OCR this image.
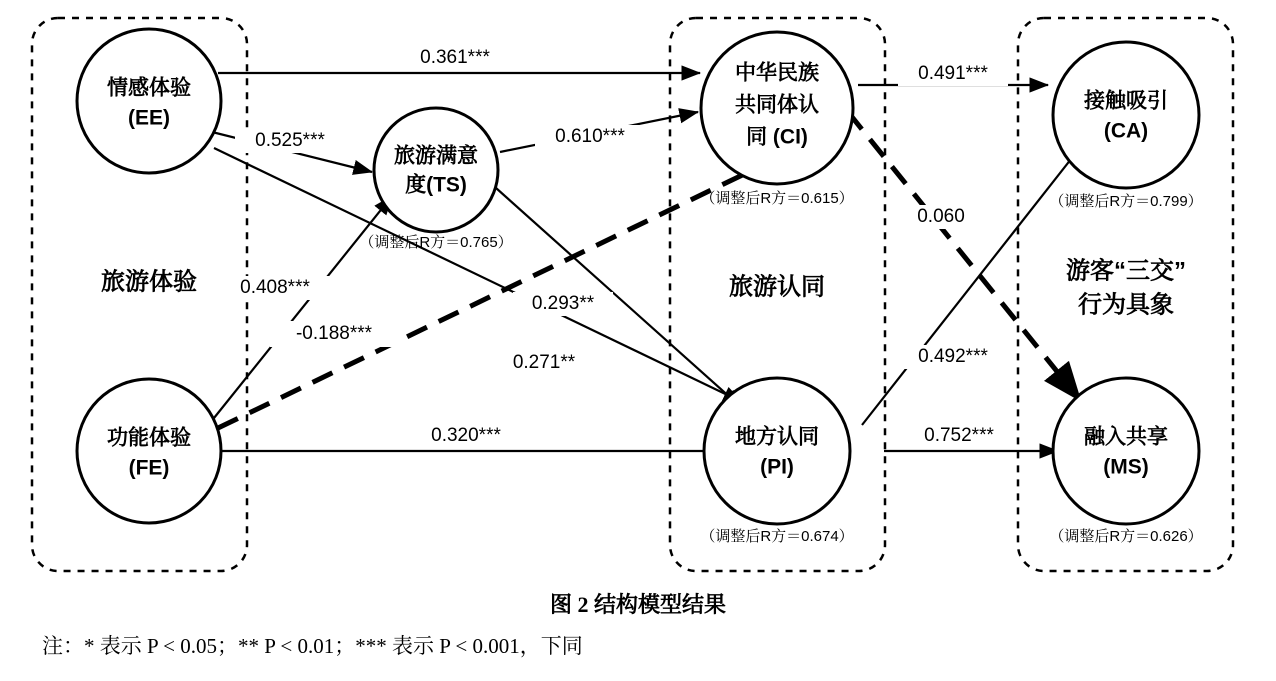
情感体验
(EE)
功能体验
(FE)
旅游满意
度(TS)
（调整后R方＝0.765）
中华民族
共同体认
同 (CI)
（调整后R方＝0.615）
地方认同
(PI)
（调整后R方＝0.674）
接触吸引
(CA)
（调整后R方＝0.799）
融入共享
(MS)
（调整后R方＝0.626）
旅游体验	旅游认同
游客“三交”
行为具象
0.361***
0.525***	0.610***
0.408***
-0.188***
0.271**
0.293**
0.320***
0.491***
0.060
0.492***
0.752***
图 2 结构模型结果
注：* 表示 P < 0.05；** P < 0.01；*** 表示 P < 0.001，下同
